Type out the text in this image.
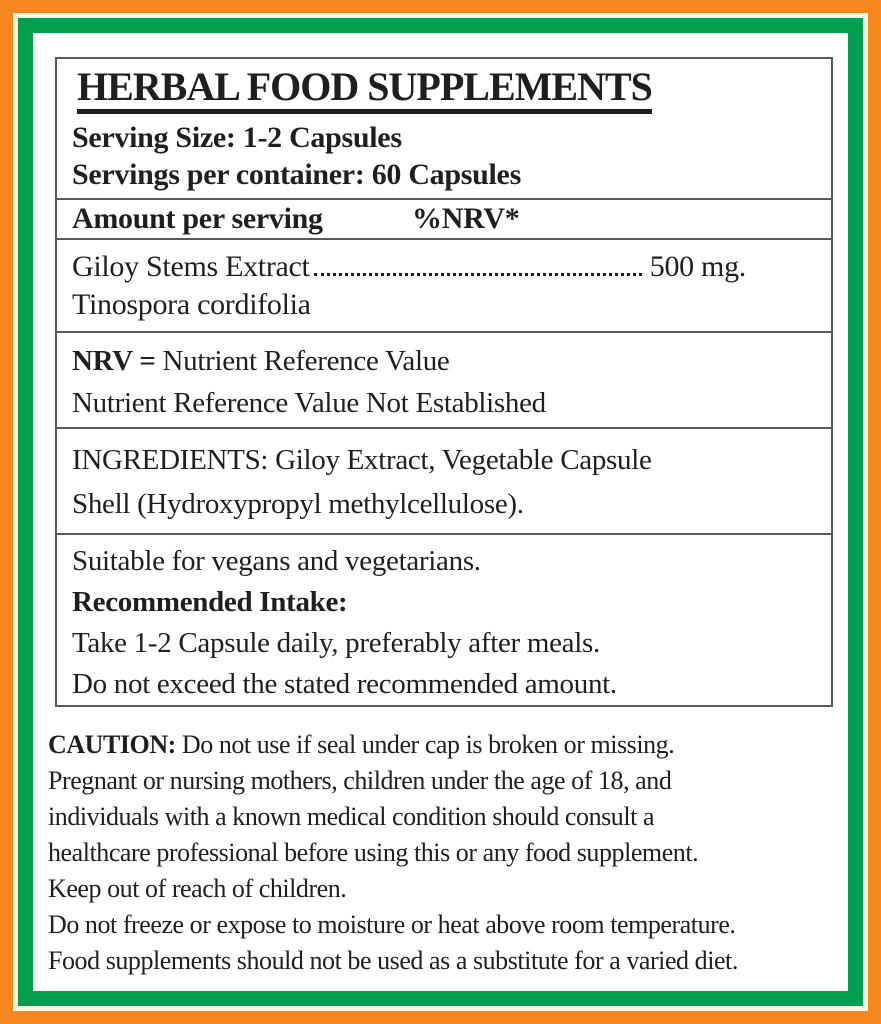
HERBAL FOOD SUPPLEMENTS
Serving Size: 1-2 Capsules
Servings per container: 60 Capsules
Amount per serving	%NRV*
Giloy Stems Extract	500 mg.
Tinospora cordifolia
NRV = Nutrient Reference Value
Nutrient Reference Value Not Established
INGREDIENTS: Giloy Extract, Vegetable Capsule
Shell (Hydroxypropyl methylcellulose).
Suitable for vegans and vegetarians.
Recommended Intake:
Take 1-2 Capsule daily, preferably after meals.
Do not exceed the stated recommended amount.
CAUTION: Do not use if seal under cap is broken or missing.
Pregnant or nursing mothers, children under the age of 18, and
individuals with a known medical condition should consult a
healthcare professional before using this or any food supplement.
Keep out of reach of children.
Do not freeze or expose to moisture or heat above room temperature.
Food supplements should not be used as a substitute for a varied diet.
